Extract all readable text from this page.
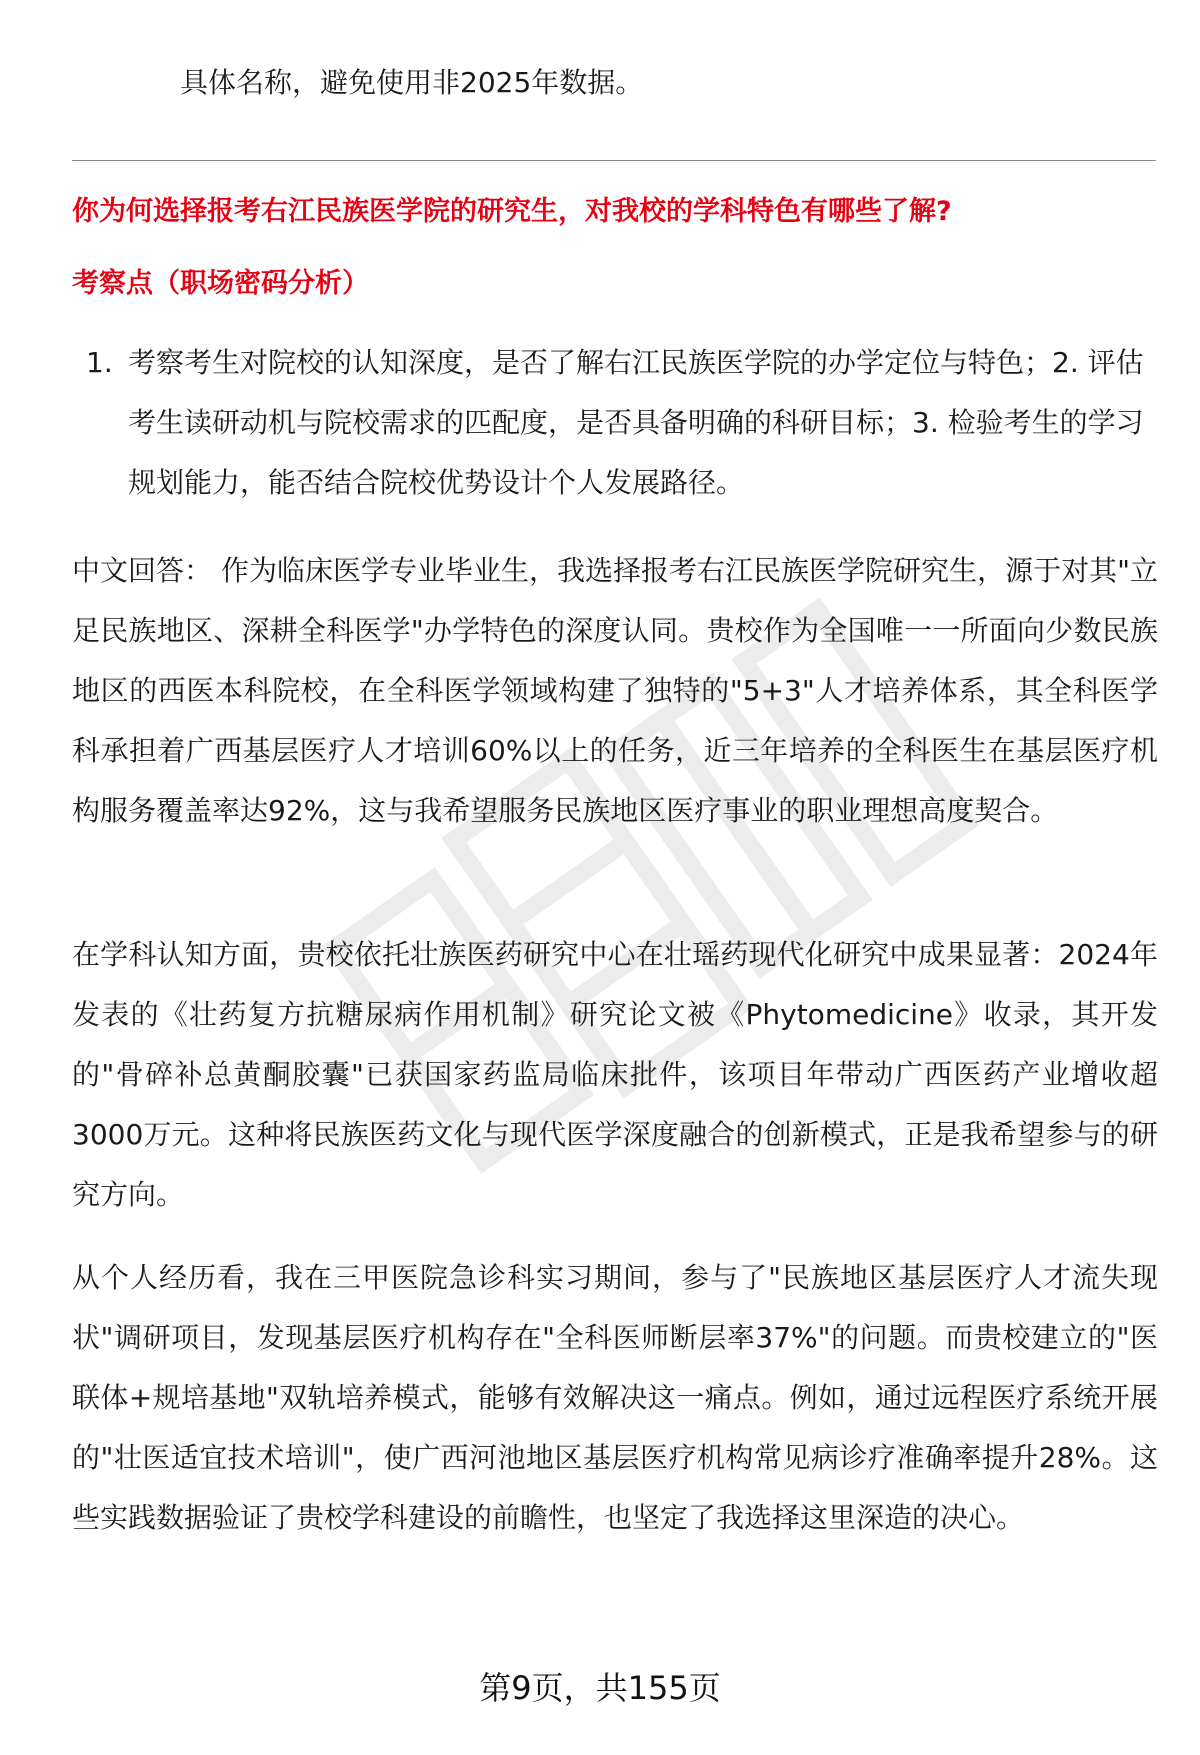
具体名称，避免使用非2025年数据。
你为何选择报考右江民族医学院的研究生，对我校的学科特色有哪些了解?
考察点（职场密码分析）
1. 考察考生对院校的认知深度，是否了解右江民族医学院的办学定位与特色；2. 评估考生读研动机与院校需求的匹配度，是否具备明确的科研目标；3. 检验考生的学习规划能力，能否结合院校优势设计个人发展路径。
中文回答： 作为临床医学专业毕业生，我选择报考右江民族医学院研究生，源于对其"立足民族地区、深耕全科医学"办学特色的深度认同。贵校作为全国唯一一所面向少数民族地区的西医本科院校，在全科医学领域构建了独特的"5+3"人才培养体系，其全科医学科承担着广西基层医疗人才培训60%以上的任务，近三年培养的全科医生在基层医疗机构服务覆盖率达92%，这与我希望服务民族地区医疗事业的职业理想高度契合。
在学科认知方面，贵校依托壮族医药研究中心在壮瑶药现代化研究中成果显著：2024年发表的《壮药复方抗糖尿病作用机制》研究论文被《Phytomedicine》收录，其开发的"骨碎补总黄酮胶囊"已获国家药监局临床批件，该项目年带动广西医药产业增收超3000万元。这种将民族医药文化与现代医学深度融合的创新模式，正是我希望参与的研究方向。
从个人经历看，我在三甲医院急诊科实习期间，参与了"民族地区基层医疗人才流失现状"调研项目，发现基层医疗机构存在"全科医师断层率37%"的问题。而贵校建立的"医联体+规培基地"双轨培养模式，能够有效解决这一痛点。例如，通过远程医疗系统开展的"壮医适宜技术培训"，使广西河池地区基层医疗机构常见病诊疗准确率提升28%。这些实践数据验证了贵校学科建设的前瞻性，也坚定了我选择这里深造的决心。
第9页，共155页
